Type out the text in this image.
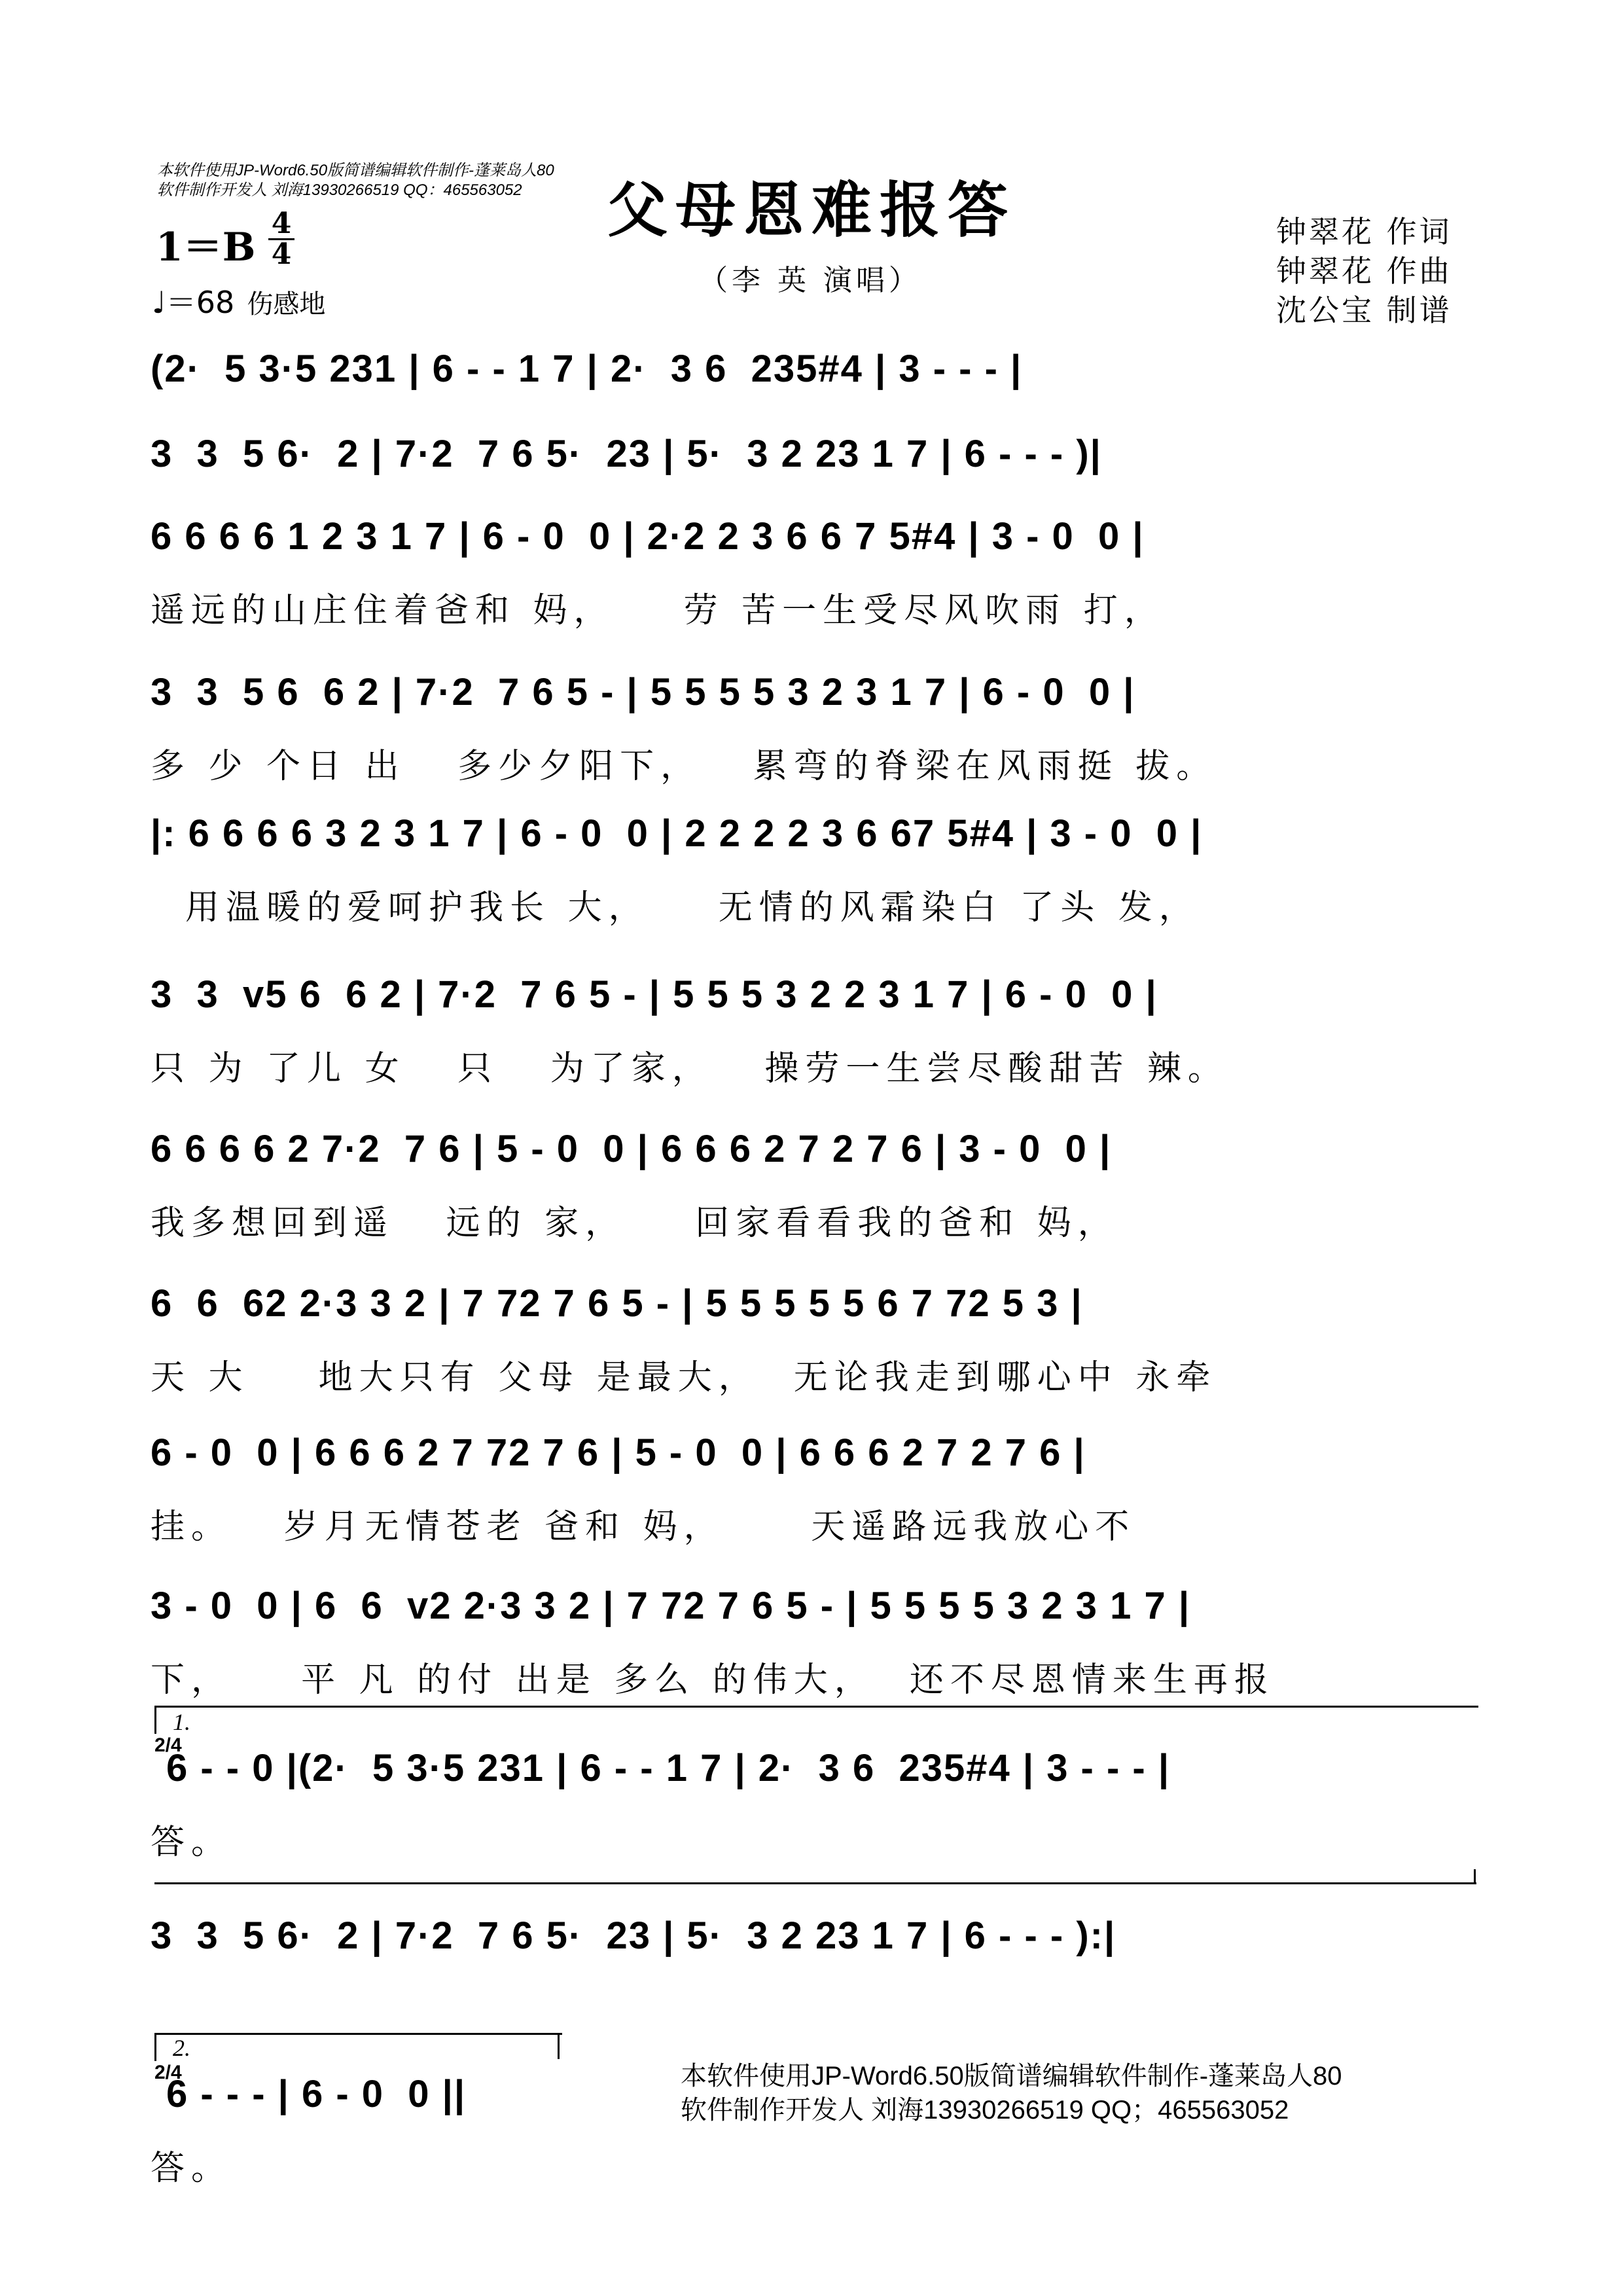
本软件使用JP-Word6.50版简谱编辑软件制作-蓬莱岛人80
软件制作开发人 刘海13930266519 QQ：465563052	父母恩难报答
（李 英 演唱）
钟翠花 作词
钟翠花 作曲
沈公宝 制谱
1＝B
4
4
♩＝68 伤感地
(2·  5 3·5 231 | 6 - - 1 7 | 2·  3 6  235#4 | 3 - - - |
3  3  5 6·  2 | 7·2  7 6 5·  23 | 5·  3 2 23 1 7 | 6 - - - )|
6 6 6 6 1 2 3 1 7 | 6 - 0  0 | 2·2 2 3 6 6 7 5#4 | 3 - 0  0 |
遥远的山庄住着爸和 妈，    劳 苦一生受尽风吹雨 打，
3  3  5 6  6 2 | 7·2  7 6 5 - | 5 5 5 5 3 2 3 1 7 | 6 - 0  0 |
多 少 个日 出   多少夕阳下，   累弯的脊梁在风雨挺 拔。
|: 6 6 6 6 3 2 3 1 7 | 6 - 0  0 | 2 2 2 2 3 6 67 5#4 | 3 - 0  0 |
用温暖的爱呵护我长 大，    无情的风霜染白 了头 发，
3  3  v5 6  6 2 | 7·2  7 6 5 - | 5 5 5 3 2 2 3 1 7 | 6 - 0  0 |
只 为 了儿 女   只   为了家，   操劳一生尝尽酸甜苦 辣。
6 6 6 6 2 7·2  7 6 | 5 - 0  0 | 6 6 6 2 7 2 7 6 | 3 - 0  0 |
我多想回到遥   远的 家，    回家看看我的爸和 妈，
6  6  62 2·3 3 2 | 7 72 7 6 5 - | 5 5 5 5 5 6 7 72 5 3 |
天 大    地大只有 父母 是最大，  无论我走到哪心中 永牵
6 - 0  0 | 6 6 6 2 7 72 7 6 | 5 - 0  0 | 6 6 6 2 7 2 7 6 |
挂。   岁月无情苍老 爸和 妈，     天遥路远我放心不
3 - 0  0 | 6  6  v2 2·3 3 2 | 7 72 7 6 5 - | 5 5 5 5 3 2 3 1 7 |
下，    平 凡 的付 出是 多么 的伟大，  还不尽恩情来生再报
1.
2/4
6 - - 0 |(2·  5 3·5 231 | 6 - - 1 7 | 2·  3 6  235#4 | 3 - - - |
答。
3  3  5 6·  2 | 7·2  7 6 5·  23 | 5·  3 2 23 1 7 | 6 - - - ):|
2.
2/4
6 - - - | 6 - 0  0 ||
答。
本软件使用JP-Word6.50版简谱编辑软件制作-蓬莱岛人80
软件制作开发人 刘海13930266519 QQ；465563052
